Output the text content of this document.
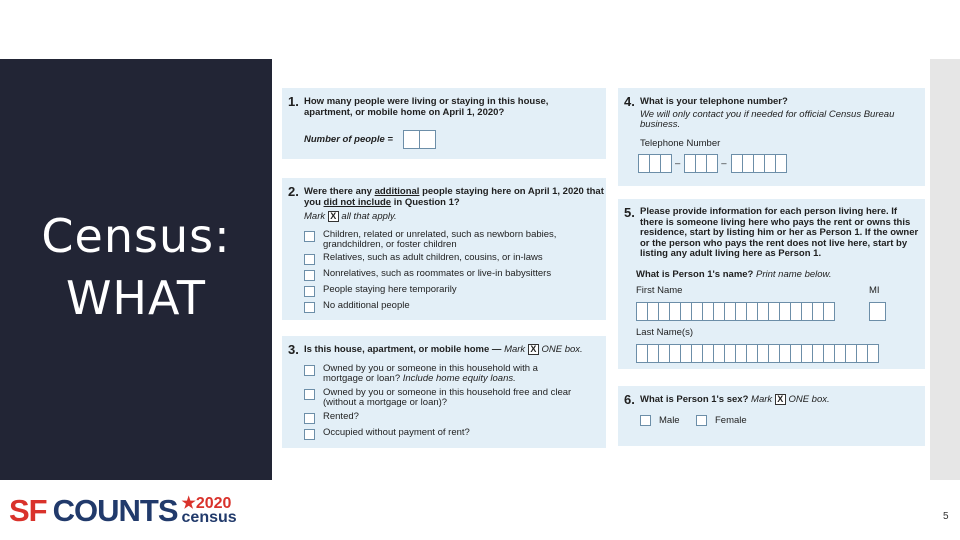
Census:
WHAT
1. How many people were living or staying in this house, apartment, or mobile home on April 1, 2020?
Number of people =
2. Were there any additional people staying here on April 1, 2020 that you did not include in Question 1?
Mark X all that apply.
Children, related or unrelated, such as newborn babies, grandchildren, or foster children
Relatives, such as adult children, cousins, or in-laws
Nonrelatives, such as roommates or live-in babysitters
People staying here temporarily
No additional people
3. Is this house, apartment, or mobile home — Mark X ONE box.
Owned by you or someone in this household with a mortgage or loan? Include home equity loans.
Owned by you or someone in this household free and clear (without a mortgage or loan)?
Rented?
Occupied without payment of rent?
4. What is your telephone number?
We will only contact you if needed for official Census Bureau business.
Telephone Number
–	–
5. Please provide information for each person living here. If there is someone living here who pays the rent or owns this residence, start by listing him or her as Person 1. If the owner or the person who pays the rent does not live here, start by listing any adult living here as Person 1.
What is Person 1's name? Print name below.
First Name	MI
Last Name(s)
6. What is Person 1's sex? Mark X ONE box.
Male	Female
SF COUNTS ★2020
census	5
